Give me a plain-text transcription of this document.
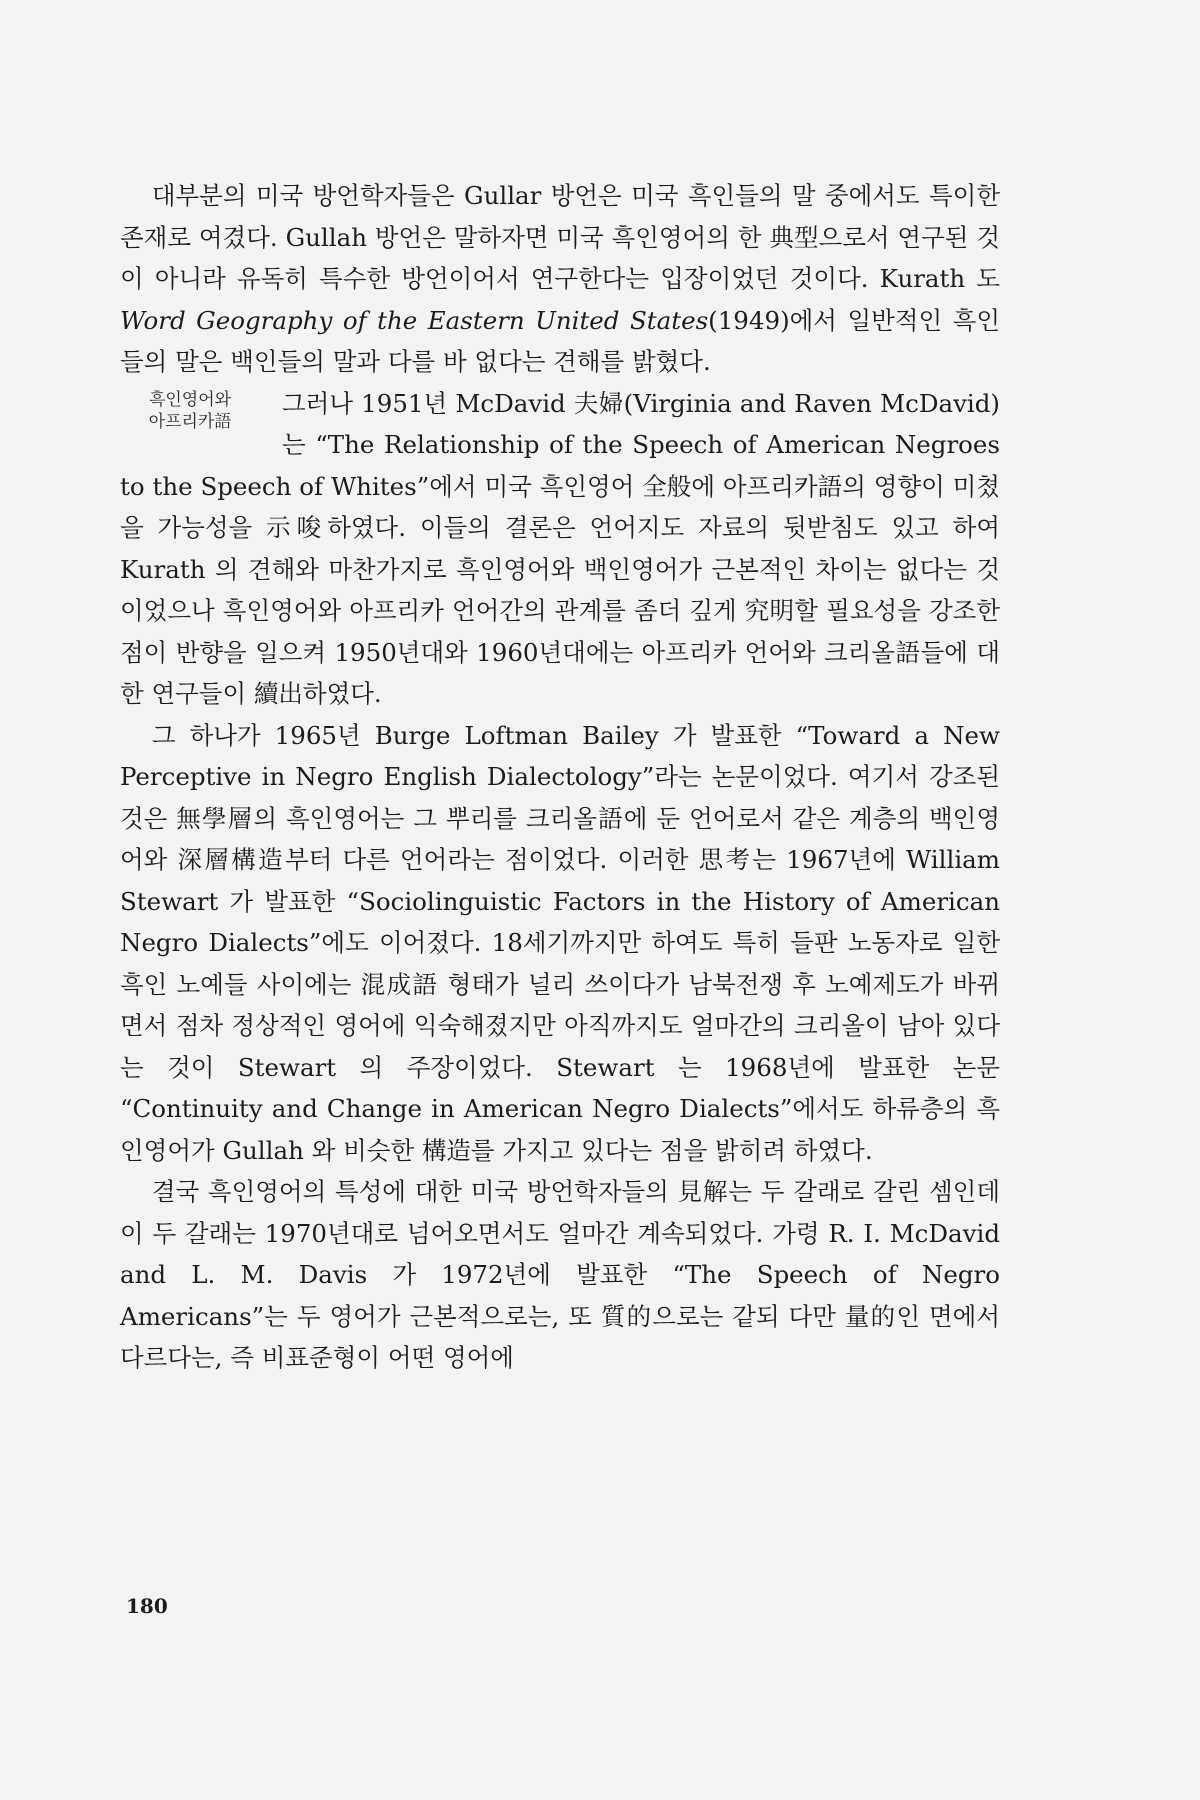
대부분의 미국 방언학자들은 Gullar 방언은 미국 흑인들의 말 중에서도 특이한 존재로 여겼다. Gullah 방언은 말하자면 미국 흑인영어의 한 典型으로서 연구된 것이 아니라 유독히 특수한 방언이어서 연구한다는 입장이었던 것이다. Kurath 도 Word Geography of the Eastern United States(1949)에서 일반적인 흑인들의 말은 백인들의 말과 다를 바 없다는 견해를 밝혔다.

흑인영어와
아프리카語
그러나 1951년 McDavid 夫婦(Virginia and Raven McDavid)는 “The Relationship of the Speech of American Negroes to the Speech of Whites”에서 미국 흑인영어 全般에 아프리카語의 영향이 미쳤을 가능성을 示唆하였다. 이들의 결론은 언어지도 자료의 뒷받침도 있고 하여 Kurath 의 견해와 마찬가지로 흑인영어와 백인영어가 근본적인 차이는 없다는 것이었으나 흑인영어와 아프리카 언어간의 관계를 좀더 깊게 究明할 필요성을 강조한 점이 반향을 일으켜 1950년대와 1960년대에는 아프리카 언어와 크리올語들에 대한 연구들이 續出하였다.

그 하나가 1965년 Burge Loftman Bailey 가 발표한 “Toward a New Perceptive in Negro English Dialectology”라는 논문이었다. 여기서 강조된 것은 無學層의 흑인영어는 그 뿌리를 크리올語에 둔 언어로서 같은 계층의 백인영어와 深層構造부터 다른 언어라는 점이었다. 이러한 思考는 1967년에 William Stewart 가 발표한 “Sociolinguistic Factors in the History of American Negro Dialects”에도 이어졌다. 18세기까지만 하여도 특히 들판 노동자로 일한 흑인 노예들 사이에는 混成語 형태가 널리 쓰이다가 남북전쟁 후 노예제도가 바뀌면서 점차 정상적인 영어에 익숙해졌지만 아직까지도 얼마간의 크리올이 남아 있다는 것이 Stewart 의 주장이었다. Stewart 는 1968년에 발표한 논문 “Continuity and Change in American Negro Dialects”에서도 하류층의 흑인영어가 Gullah 와 비슷한 構造를 가지고 있다는 점을 밝히려 하였다.

결국 흑인영어의 특성에 대한 미국 방언학자들의 見解는 두 갈래로 갈린 셈인데 이 두 갈래는 1970년대로 넘어오면서도 얼마간 계속되었다. 가령 R. I. McDavid and L. M. Davis 가 1972년에 발표한 “The Speech of Negro Americans”는 두 영어가 근본적으로는, 또 質的으로는 같되 다만 量的인 면에서 다르다는, 즉 비표준형이 어떤 영어에

180
